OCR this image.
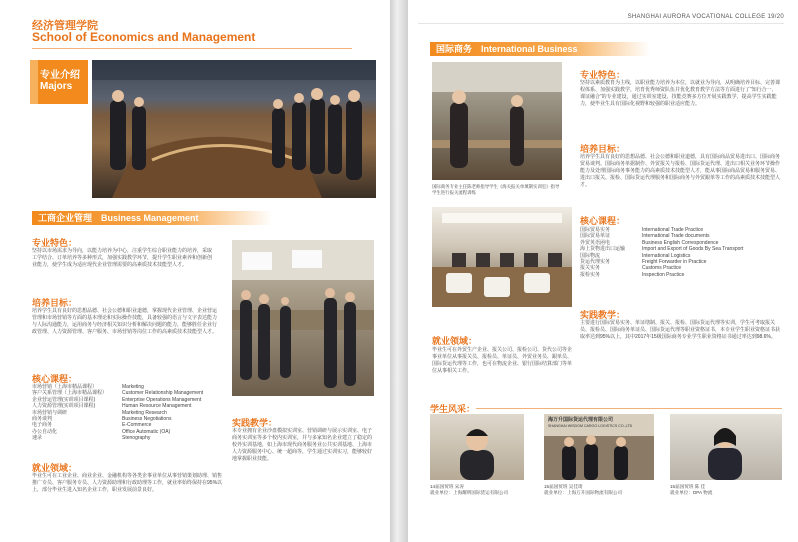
经济管理学院
School of Economics and Management
专业介绍
Majors
工商企业管理　Business Management
专业特色：
坚持以市场需求为导向，以能力培养为中心，注重学生综合职业能力的培养，采取工学结合、订单培养等多种形式，加强实践教学环节，提升学生职业素养和创新创业能力，使学生成为适应现代企业管理需要的高素质技术技能型人才。
培养目标：
培养学生具有良好的思想品德、社会公德和职业道德，掌握现代企业管理、企业营运管理和市场营销等方面的基本理论和实际操作技能，具备较强的语言与文字表达能力与人际沟通能力，运用商务与经济相关知识分析和解决问题的能力，能够胜任企业行政管理、人力资源管理、客户服务、市场营销等岗位工作的高素质技术技能型人才。
核心课程：
市场营销（上海市精品课程）
客户关系管理（上海市精品课程）
企业营运管理(实训项目课程)
人力资源管理(实训项目课程)
市场营销与调研
商务谈判
电子商务
办公自动化
速录
Marketing
Customer Relationship Management
Enterprise Operations Management
Human Resource Management
Marketing Research
Business Negotiations
E-Commerce
Office Automatic (OA)
Stenography
就业领域：
毕业生可在工业企业、商业企业、金融机构等各类企事业单位从事营销策划助理、销售推广专员、客户服务专员、人力资源助理和行政助理等工作，就业率始终保持在95%以上，部分毕业生进入知名企业工作，职业发展前景良好。
实践教学：
本专业拥有企业沙盘模拟实训室、营销调研与展示实训室、电子商务实训室等多个校内实训室，并与多家知名企业建立了稳定的校外实训基地，如上海市现代商务服务业公共实训基地、上海市人力资源服务中心、统一超商等，学生通过实训实习，能够较好地掌握职业技能。
SHANGHAI AURORA VOCATIONAL COLLEGE 19/20
国际商务　International Business
国际商务专业主任陈老师指导学生《海关报关单填制实训室》指导学生进行报关流程训练
专业特色：
坚持以素质教育为主线，以职业能力培养为本位，以就业为导向，从明确培养目标、完善课程体系、加强实践教学，培育优秀师资队伍并优化教育教学方法等方面进行了“知行合一、课证融合”的专业建设，通过实训室建设、技能竞赛多方位开展实践教学，提高学生实践能力，使毕业生具有国际化视野和较强的职业适应能力。
培养目标：
培养学生具有良好的思想品德、社会公德和职业道德，具有国际商品贸易进出口、国际商务贸易谈判、国际商务单据制作、外贸报关与报检、国际货运代理、进出口相关业务环节操作能力及处理国际商务事务能力的高素质技术技能型人才，能从事国际商品贸易和服务贸易、进出口报关、报检、国际货运代理服务和国际商务与外贸跟单等工作的高素质技术技能型人才。
核心课程：
国际贸易实务
国际贸易单证
外贸英语函电
海上货物进出口运输
国际物流
货运代理实务
报关实务
报检实务
International Trade Practice
International Trade documents
Business English Correspondence
Import and Export of Goods By Sea Transport
International Logistics
Freight Forwarder in Practice
Customs Practice
Inspection Practice
实践教学：
主要进行国际贸易实务、单证缮制、报关、报检、国际货运代理等实训，学生可考取报关员、报检员、国际商务单证员、国际货运代理等职业资格证书，本专业学生职业资格证书获取率达到95%以上，其中2017年15级国际商务专业学生职业资格证书通过率达到98.6%。
就业领域：
毕业生可在外贸生产企业、报关公司、报检公司、货代公司等企事业单位从事报关员、报检员、单证员、外贸业务员、跟单员、国际货运代理等工作，也可在物流企业、银行国际结算部门等单位从事相关工作。
学生风采：
海万升国际货运代理有限公司
SHANGHAI WISDOM CARGO LOGISTICS CO.,LTD
14届国贸班 宋涛
就业单位：上海耀明国际货运有限公司
15届国贸班 吴佳琦
就业单位：上海万升国际物流有限公司
15届国贸班 陈 佳
就业单位：DPA 物流
